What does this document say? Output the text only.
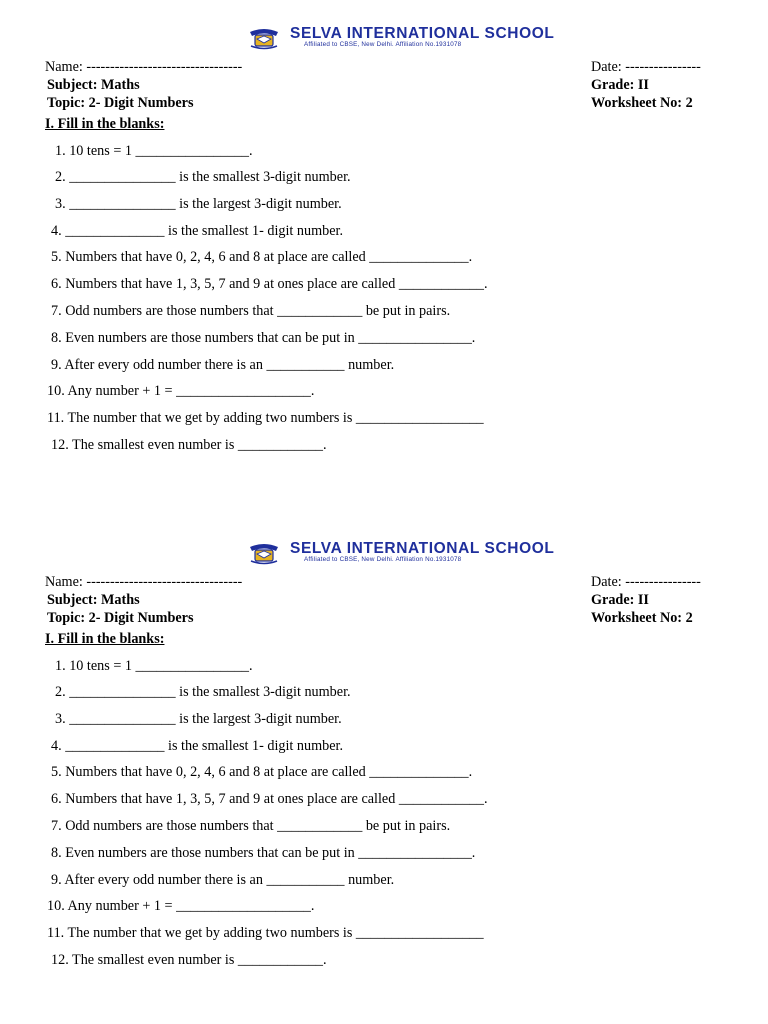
SELVA INTERNATIONAL SCHOOL
Affiliated to CBSE, New Delhi. Affiliation No.1931078
Name: ---------------------------------	Date: ----------------
Subject: Maths	Grade: II
Topic: 2- Digit Numbers	Worksheet No: 2
I. Fill in the blanks:
1. 10 tens = 1 ________________.
2. _______________ is the smallest 3-digit number.
3. _______________ is the largest 3-digit number.
4. ______________ is the smallest 1- digit number.
5. Numbers that have 0, 2, 4, 6 and 8 at place are called ______________.
6. Numbers that have 1, 3, 5, 7 and 9 at ones place are called ____________.
7. Odd numbers are those numbers that ____________ be put in pairs.
8. Even numbers are those numbers that can be put in ________________.
9. After every odd number there is an ___________ number.
10. Any number + 1 = ___________________.
11. The number that we get by adding two numbers is __________________
12. The smallest even number is ____________.
SELVA INTERNATIONAL SCHOOL
Affiliated to CBSE, New Delhi. Affiliation No.1931078
Name: ---------------------------------	Date: ----------------
Subject: Maths	Grade: II
Topic: 2- Digit Numbers	Worksheet No: 2
I. Fill in the blanks:
1. 10 tens = 1 ________________.
2. _______________ is the smallest 3-digit number.
3. _______________ is the largest 3-digit number.
4. ______________ is the smallest 1- digit number.
5. Numbers that have 0, 2, 4, 6 and 8 at place are called ______________.
6. Numbers that have 1, 3, 5, 7 and 9 at ones place are called ____________.
7. Odd numbers are those numbers that ____________ be put in pairs.
8. Even numbers are those numbers that can be put in ________________.
9. After every odd number there is an ___________ number.
10. Any number + 1 = ___________________.
11. The number that we get by adding two numbers is __________________
12. The smallest even number is ____________.
